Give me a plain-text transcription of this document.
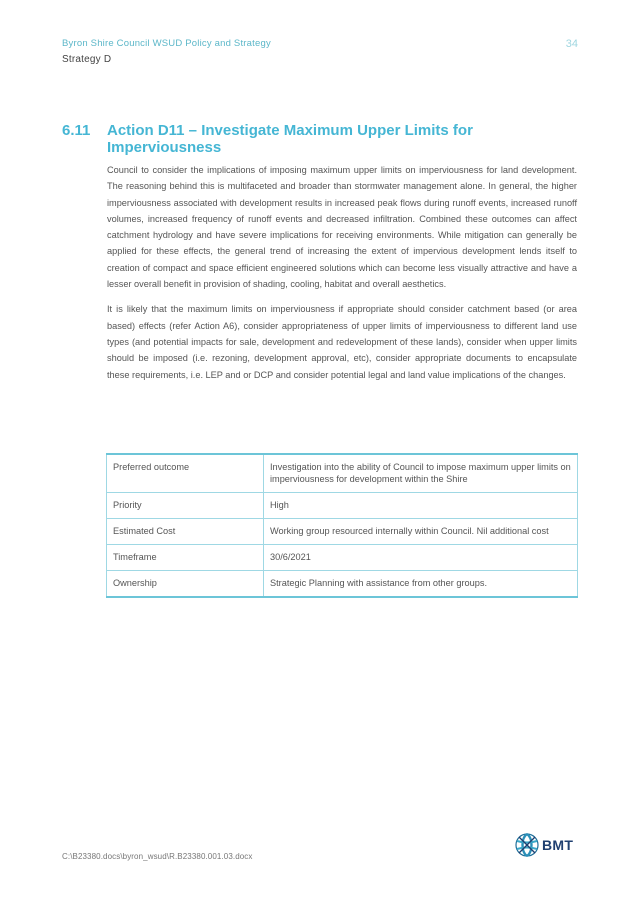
Byron Shire Council WSUD Policy and Strategy
Strategy D
34
6.11	Action D11 – Investigate Maximum Upper Limits for Imperviousness

Council to consider the implications of imposing maximum upper limits on imperviousness for land development. The reasoning behind this is multifaceted and broader than stormwater management alone. In general, the higher imperviousness associated with development results in increased peak flows during runoff events, increased runoff volumes, increased frequency of runoff events and decreased infiltration. Combined these outcomes can affect catchment hydrology and have severe implications for receiving environments. While mitigation can generally be applied for these effects, the general trend of increasing the extent of impervious development lends itself to creation of compact and space efficient engineered solutions which can become less visually attractive and have a lesser overall benefit in provision of shading, cooling, habitat and overall aesthetics.

It is likely that the maximum limits on imperviousness if appropriate should consider catchment based (or area based) effects (refer Action A6), consider appropriateness of upper limits of imperviousness to different land use types (and potential impacts for sale, development and redevelopment of these lands), consider when upper limits should be imposed (i.e. rezoning, development approval, etc), consider appropriate documents to encapsulate these requirements, i.e. LEP and or DCP and consider potential legal and land value implications of the changes.

Preferred outcome	Investigation into the ability of Council to impose maximum upper limits on imperviousness for development within the Shire
Priority	High
Estimated Cost	Working group resourced internally within Council. Nil additional cost
Timeframe	30/6/2021
Ownership	Strategic Planning with assistance from other groups.
C:\B23380.docs\byron_wsud\R.B23380.001.03.docx
BMT
